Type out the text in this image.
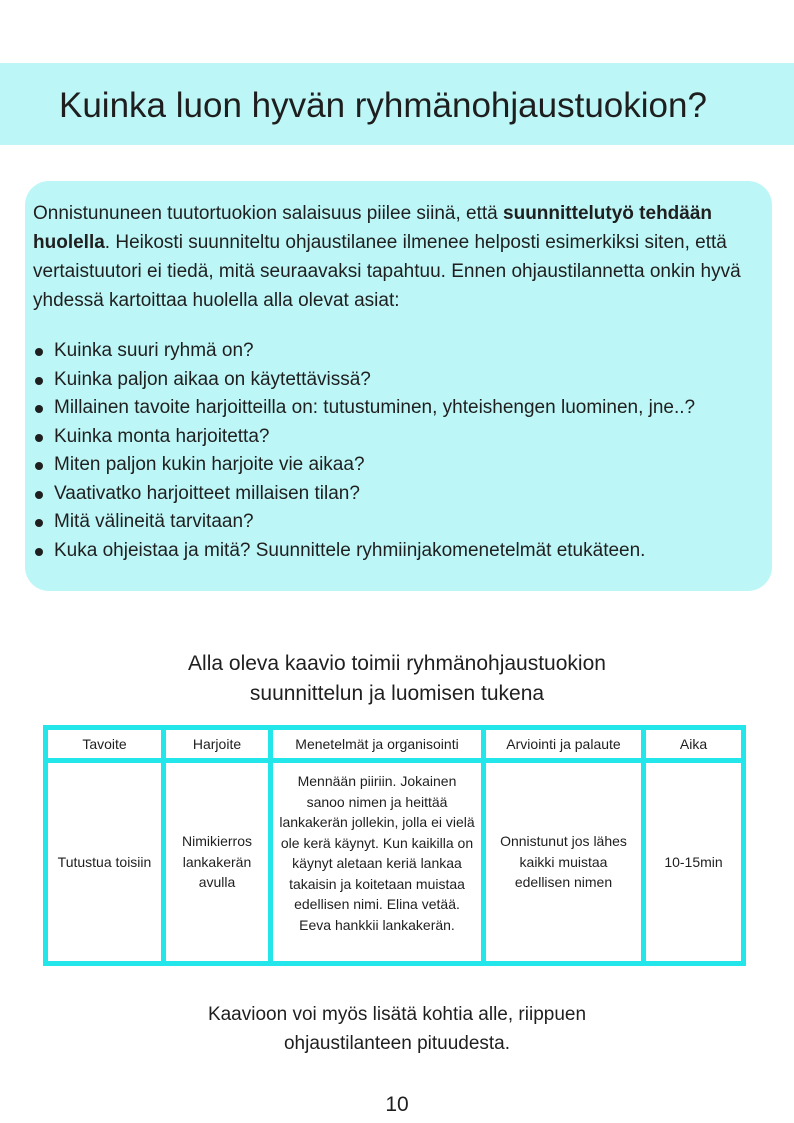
Kuinka luon hyvän ryhmänohjaustuokion?

Onnistununeen tuutortuokion salaisuus piilee siinä, että suunnittelutyö tehdään huolella. Heikosti suunniteltu ohjaustilanee ilmenee helposti esimerkiksi siten, että vertaistuutori ei tiedä, mitä seuraavaksi tapahtuu. Ennen ohjaustilannetta onkin hyvä yhdessä kartoittaa huolella alla olevat asiat:

Kuinka suuri ryhmä on?
Kuinka paljon aikaa on käytettävissä?
Millainen tavoite harjoitteilla on: tutustuminen, yhteishengen luominen, jne..?
Kuinka monta harjoitetta?
Miten paljon kukin harjoite vie aikaa?
Vaativatko harjoitteet millaisen tilan?
Mitä välineitä tarvitaan?
Kuka ohjeistaa ja mitä? Suunnittele ryhmiinjakomenetelmät etukäteen.

Alla oleva kaavio toimii ryhmänohjaustuokion
suunnittelun ja luomisen tukena

Tavoite	Harjoite	Menetelmät ja organisointi	Arviointi ja palaute	Aika
Tutustua toisiin	Nimikierros lankakerän avulla	Mennään piiriin. Jokainen sanoo nimen ja heittää lankakerän jollekin, jolla ei vielä ole kerä käynyt. Kun kaikilla on käynyt aletaan keriä lankaa takaisin ja koitetaan muistaa edellisen nimi. Elina vetää. Eeva hankkii lankakerän.	Onnistunut jos lähes kaikki muistaa edellisen nimen	10-15min

Kaavioon voi myös lisätä kohtia alle, riippuen
ohjaustilanteen pituudesta.

10
